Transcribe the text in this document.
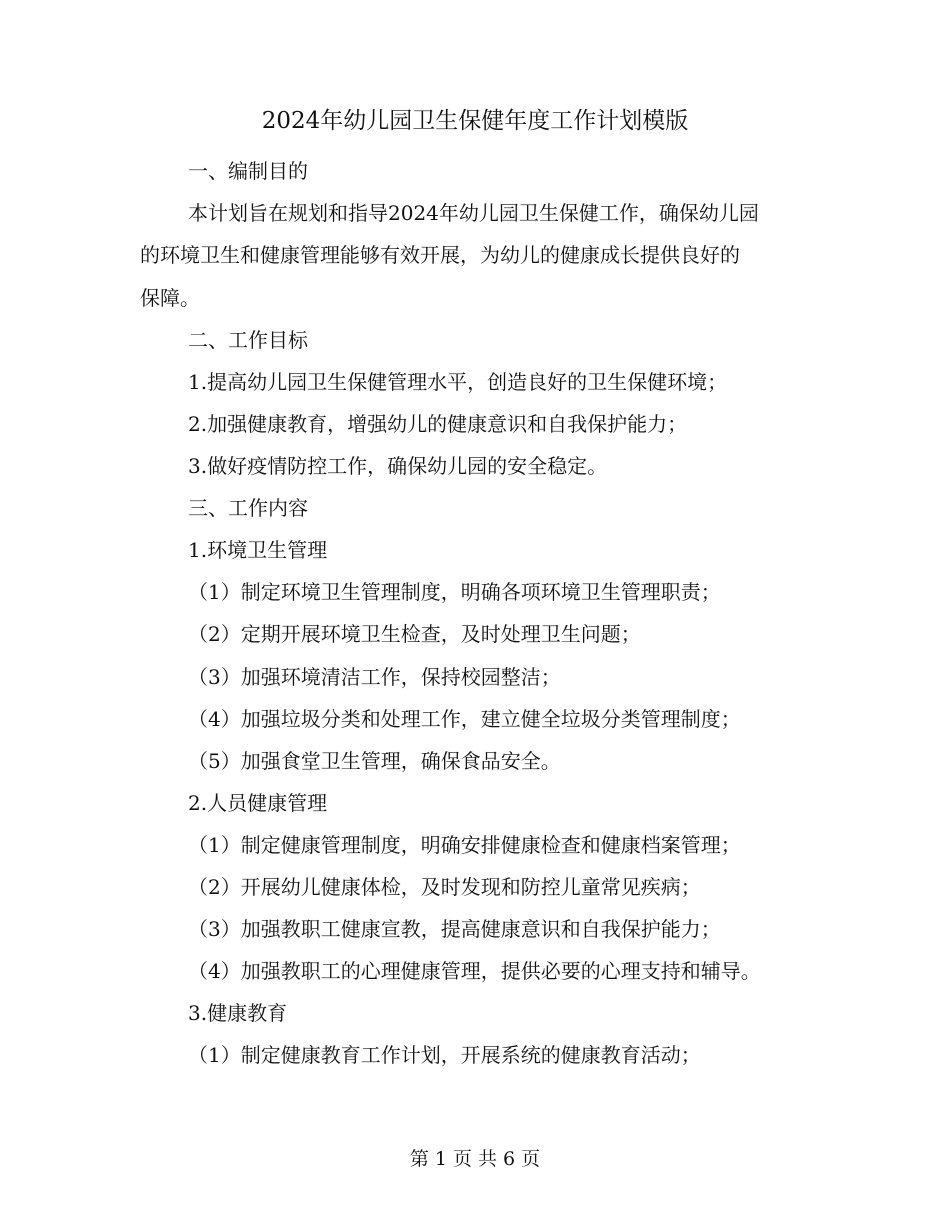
2024年幼儿园卫生保健年度工作计划模版
一、编制目的
本计划旨在规划和指导2024年幼儿园卫生保健工作，确保幼儿园
的环境卫生和健康管理能够有效开展，为幼儿的健康成长提供良好的
保障。
二、工作目标
1.提高幼儿园卫生保健管理水平，创造良好的卫生保健环境；
2.加强健康教育，增强幼儿的健康意识和自我保护能力；
3.做好疫情防控工作，确保幼儿园的安全稳定。
三、工作内容
1.环境卫生管理
（1）制定环境卫生管理制度，明确各项环境卫生管理职责；
（2）定期开展环境卫生检查，及时处理卫生问题；
（3）加强环境清洁工作，保持校园整洁；
（4）加强垃圾分类和处理工作，建立健全垃圾分类管理制度；
（5）加强食堂卫生管理，确保食品安全。
2.人员健康管理
（1）制定健康管理制度，明确安排健康检查和健康档案管理；
（2）开展幼儿健康体检，及时发现和防控儿童常见疾病；
（3）加强教职工健康宣教，提高健康意识和自我保护能力；
（4）加强教职工的心理健康管理，提供必要的心理支持和辅导。
3.健康教育
（1）制定健康教育工作计划，开展系统的健康教育活动；
第 1 页 共 6 页
